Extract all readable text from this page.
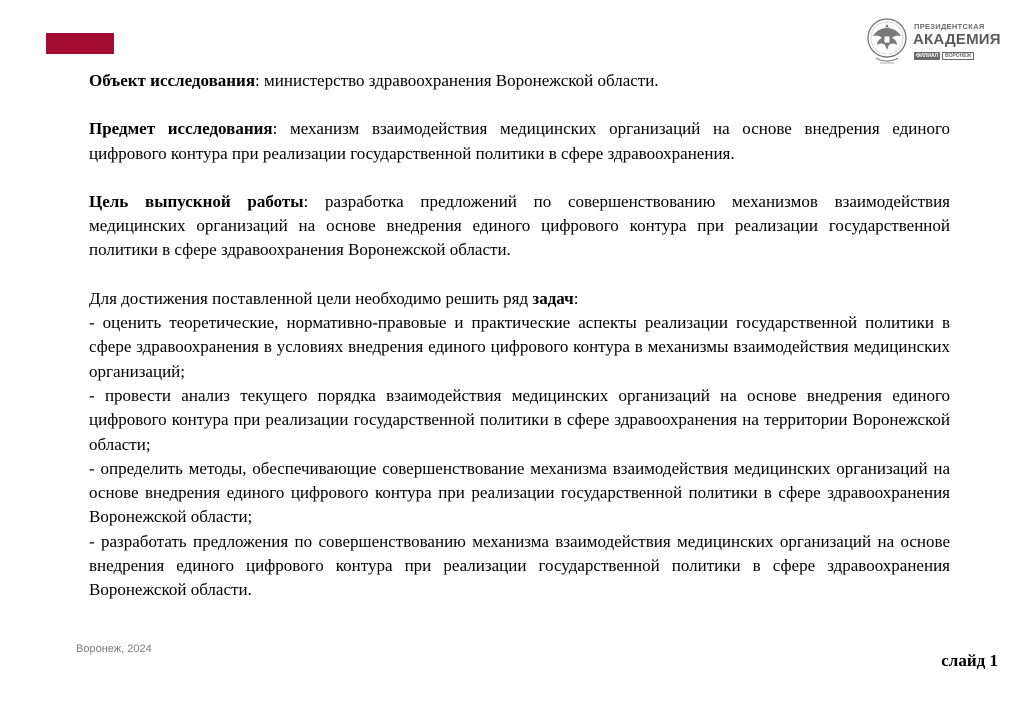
ПРЕЗИДЕНТСКАЯ
АКАДЕМИЯ
ФИЛИАЛ	ВОРОНЕЖ

Объект исследования: министерство здравоохранения Воронежской области.

Предмет исследования: механизм взаимодействия медицинских организаций на основе внедрения единого цифрового контура при реализации государственной политики в сфере здравоохранения.

Цель выпускной работы: разработка предложений по совершенствованию механизмов взаимодействия медицинских организаций на основе внедрения единого цифрового контура при реализации государственной политики в сфере здравоохранения Воронежской области.

Для достижения поставленной цели необходимо решить ряд задач:

- оценить теоретические, нормативно-правовые и практические аспекты реализации государственной политики в сфере здравоохранения в условиях внедрения единого цифрового контура в механизмы взаимодействия медицинских организаций;

- провести анализ текущего порядка взаимодействия медицинских организаций на основе внедрения единого цифрового контура при реализации государственной политики в сфере здравоохранения на территории Воронежской области;

- определить методы, обеспечивающие совершенствование механизма взаимодействия медицинских организаций на основе внедрения единого цифрового контура при реализации государственной политики в сфере здравоохранения Воронежской области;

- разработать предложения по совершенствованию механизма взаимодействия медицинских организаций на основе внедрения единого цифрового контура при реализации государственной политики в сфере здравоохранения Воронежской области.

Воронеж, 2024
слайд 1
